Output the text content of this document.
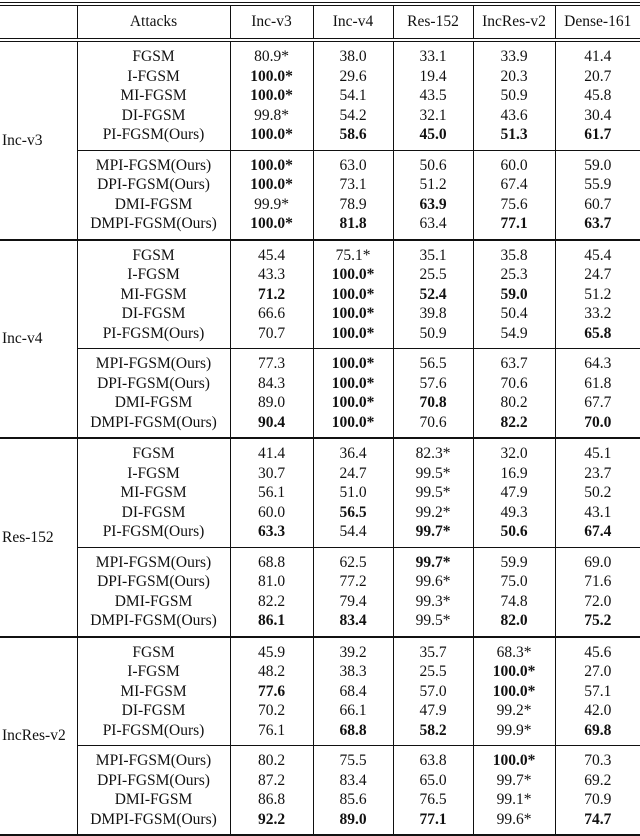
	Attacks	Inc-v3	Inc-v4	Res-152	IncRes-v2	Dense-161
Inc-v3	FGSM	80.9*	38.0	33.1	33.9	41.4
	I-FGSM	100.0*	29.6	19.4	20.3	20.7
	MI-FGSM	100.0*	54.1	43.5	50.9	45.8
	DI-FGSM	99.8*	54.2	32.1	43.6	30.4
	PI-FGSM(Ours)	100.0*	58.6	45.0	51.3	61.7
	MPI-FGSM(Ours)	100.0*	63.0	50.6	60.0	59.0
	DPI-FGSM(Ours)	100.0*	73.1	51.2	67.4	55.9
	DMI-FGSM	99.9*	78.9	63.9	75.6	60.7
	DMPI-FGSM(Ours)	100.0*	81.8	63.4	77.1	63.7
Inc-v4	FGSM	45.4	75.1*	35.1	35.8	45.4
	I-FGSM	43.3	100.0*	25.5	25.3	24.7
	MI-FGSM	71.2	100.0*	52.4	59.0	51.2
	DI-FGSM	66.6	100.0*	39.8	50.4	33.2
	PI-FGSM(Ours)	70.7	100.0*	50.9	54.9	65.8
	MPI-FGSM(Ours)	77.3	100.0*	56.5	63.7	64.3
	DPI-FGSM(Ours)	84.3	100.0*	57.6	70.6	61.8
	DMI-FGSM	89.0	100.0*	70.8	80.2	67.7
	DMPI-FGSM(Ours)	90.4	100.0*	70.6	82.2	70.0
Res-152	FGSM	41.4	36.4	82.3*	32.0	45.1
	I-FGSM	30.7	24.7	99.5*	16.9	23.7
	MI-FGSM	56.1	51.0	99.5*	47.9	50.2
	DI-FGSM	60.0	56.5	99.2*	49.3	43.1
	PI-FGSM(Ours)	63.3	54.4	99.7*	50.6	67.4
	MPI-FGSM(Ours)	68.8	62.5	99.7*	59.9	69.0
	DPI-FGSM(Ours)	81.0	77.2	99.6*	75.0	71.6
	DMI-FGSM	82.2	79.4	99.3*	74.8	72.0
	DMPI-FGSM(Ours)	86.1	83.4	99.5*	82.0	75.2
IncRes-v2	FGSM	45.9	39.2	35.7	68.3*	45.6
	I-FGSM	48.2	38.3	25.5	100.0*	27.0
	MI-FGSM	77.6	68.4	57.0	100.0*	57.1
	DI-FGSM	70.2	66.1	47.9	99.2*	42.0
	PI-FGSM(Ours)	76.1	68.8	58.2	99.9*	69.8
	MPI-FGSM(Ours)	80.2	75.5	63.8	100.0*	70.3
	DPI-FGSM(Ours)	87.2	83.4	65.0	99.7*	69.2
	DMI-FGSM	86.8	85.6	76.5	99.1*	70.9
	DMPI-FGSM(Ours)	92.2	89.0	77.1	99.6*	74.7
